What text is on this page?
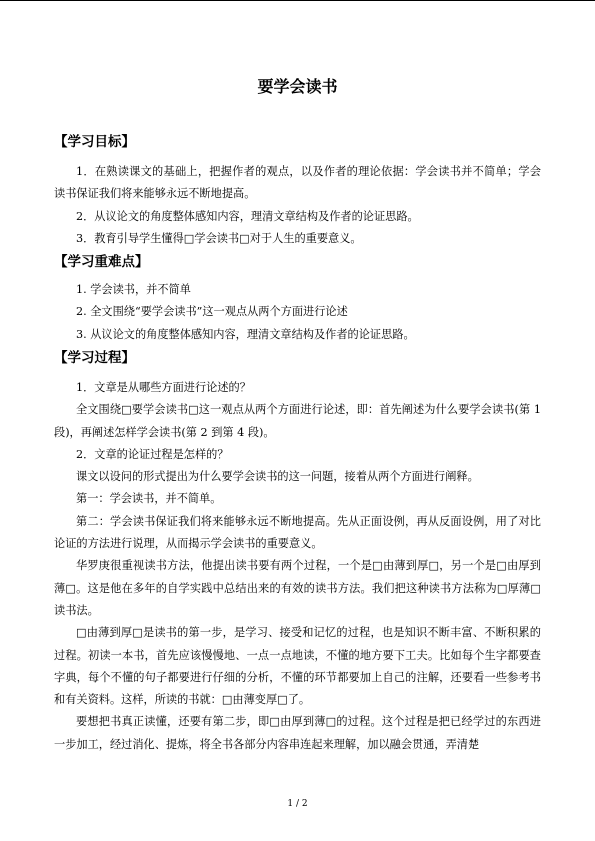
要学会读书
【学习目标】
1．在熟读课文的基础上，把握作者的观点，以及作者的理论依据：学会读书并不简单；学会读书保证我们将来能够永远不断地提高。
2．从议论文的角度整体感知内容，理清文章结构及作者的论证思路。
3．教育引导学生懂得□学会读书□对于人生的重要意义。
【学习重难点】
1. 学会读书，并不简单
2. 全文围绕“要学会读书”这一观点从两个方面进行论述
3. 从议论文的角度整体感知内容，理清文章结构及作者的论证思路。
【学习过程】
1．文章是从哪些方面进行论述的？
全文围绕□要学会读书□这一观点从两个方面进行论述，即：首先阐述为什么要学会读书(第 1 段)，再阐述怎样学会读书(第 2 到第 4 段)。
2．文章的论证过程是怎样的？
课文以设问的形式提出为什么要学会读书的这一问题，接着从两个方面进行阐释。
第一：学会读书，并不简单。
第二：学会读书保证我们将来能够永远不断地提高。先从正面设例，再从反面设例，用了对比论证的方法进行说理，从而揭示学会读书的重要意义。
华罗庚很重视读书方法，他提出读书要有两个过程，一个是□由薄到厚□，另一个是□由厚到薄□。这是他在多年的自学实践中总结出来的有效的读书方法。我们把这种读书方法称为□厚薄□读书法。
□由薄到厚□是读书的第一步，是学习、接受和记忆的过程，也是知识不断丰富、不断积累的过程。初读一本书，首先应该慢慢地、一点一点地读，不懂的地方要下工夫。比如每个生字都要查字典，每个不懂的句子都要进行仔细的分析，不懂的环节都要加上自己的注解，还要看一些参考书和有关资料。这样，所读的书就：□由薄变厚□了。
要想把书真正读懂，还要有第二步，即□由厚到薄□的过程。这个过程是把已经学过的东西进一步加工，经过消化、提炼，将全书各部分内容串连起来理解，加以融会贯通，弄清楚
1 / 2
